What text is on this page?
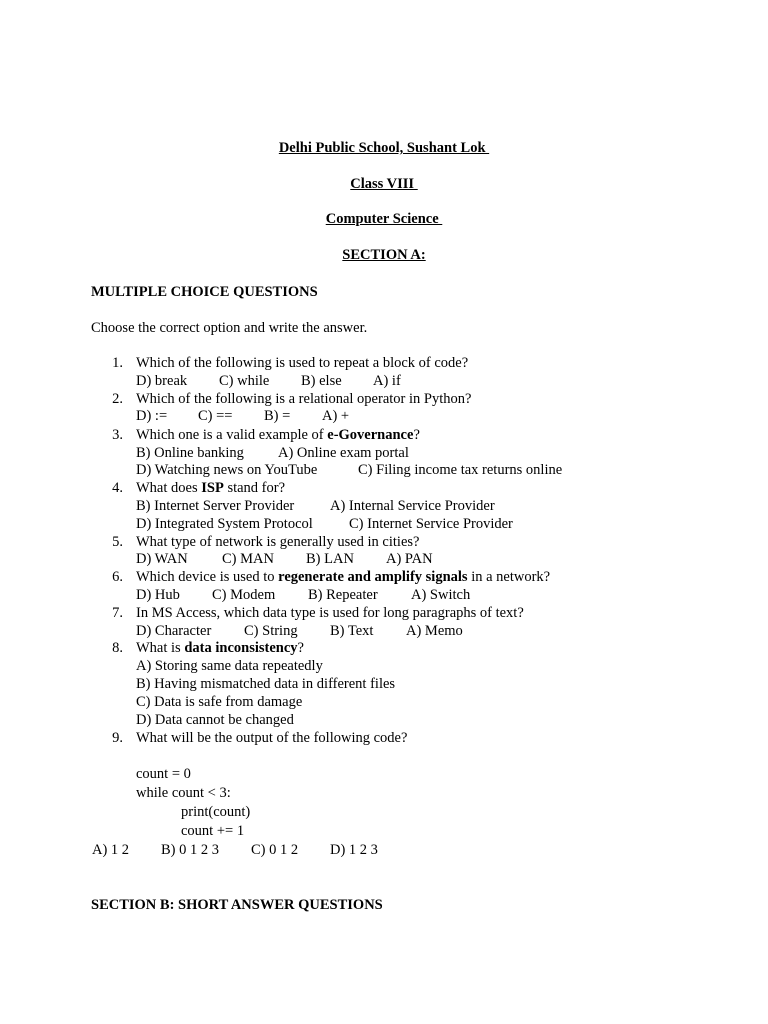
Delhi Public School, Sushant Lok
Class VIII
Computer Science
SECTION A:
MULTIPLE CHOICE QUESTIONS
Choose the correct option and write the answer.
1. Which of the following is used to repeat a block of code?
D) break C) while B) else A) if
2. Which of the following is a relational operator in Python?
D) := C) == B) = A) +
3. Which one is a valid example of e-Governance?
B) Online banking A) Online exam portal
D) Watching news on YouTube	C) Filing income tax returns online
4. What does ISP stand for?
B) Internet Server Provider A) Internal Service Provider
D) Integrated System Protocol C) Internet Service Provider
5. What type of network is generally used in cities?
D) WAN C) MAN B) LAN A) PAN
6. Which device is used to regenerate and amplify signals in a network?
D) Hub C) Modem B) Repeater A) Switch
7. In MS Access, which data type is used for long paragraphs of text?
D) Character C) String B) Text A) Memo
8. What is data inconsistency?
A) Storing same data repeatedly
B) Having mismatched data in different files
C) Data is safe from damage
D) Data cannot be changed
9. What will be the output of the following code?
count = 0
while count < 3:
print(count)
count += 1
A) 1 2 B) 0 1 2 3 C) 0 1 2 D) 1 2 3
SECTION B: SHORT ANSWER QUESTIONS
